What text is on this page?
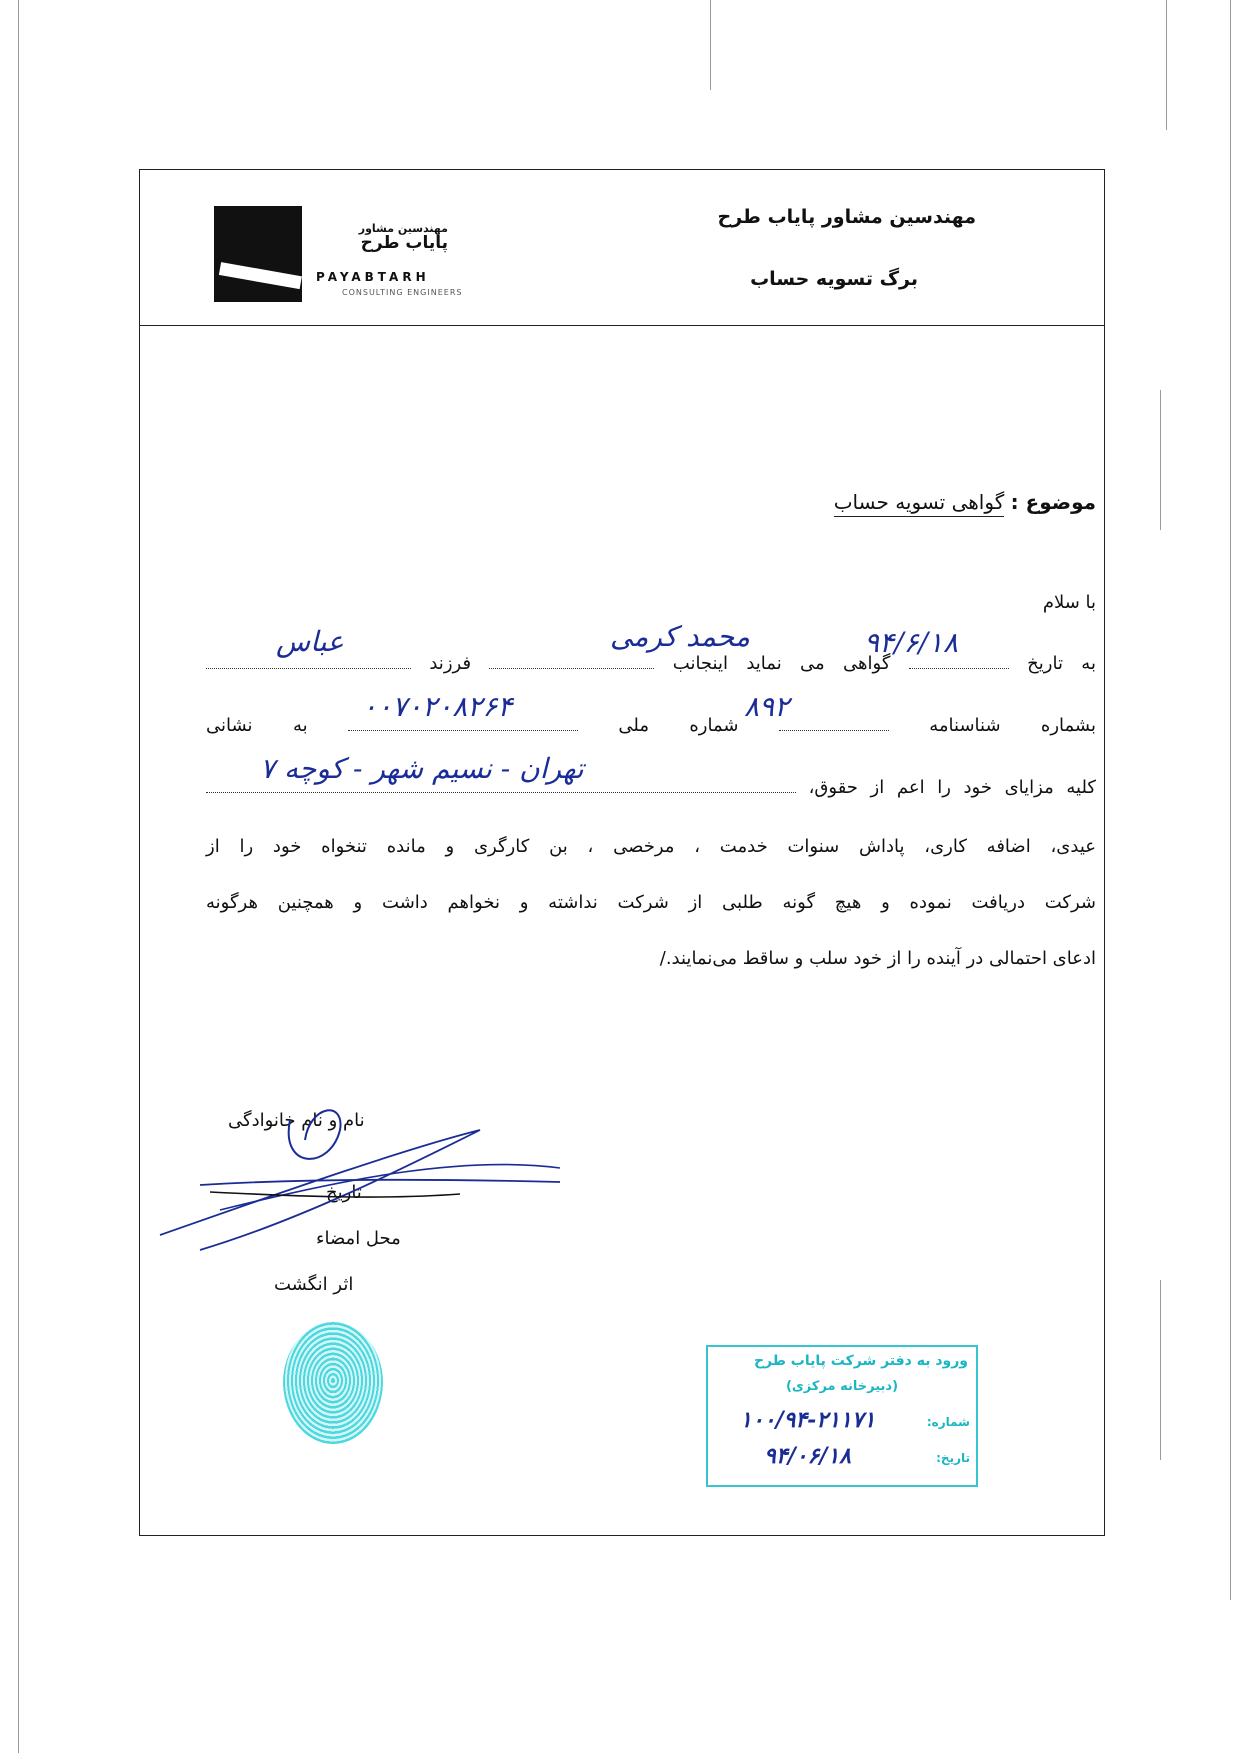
مهندسین مشاور
پایاب طرح
PAYABTARH
CONSULTING ENGINEERS
مهندسین مشاور پایاب طرح
برگ تسویه حساب
موضوع : گواهی تسویه حساب
با سلام
به تاریخ  گواهی می نماید اینجانب  فرزند
بشماره شناسنامه  شماره ملی  به نشانی
کلیه مزایای خود را اعم از حقوق،
عیدی، اضافه کاری، پاداش سنوات خدمت ، مرخصی ، بن کارگری و مانده تنخواه خود را از
شرکت دریافت نموده و هیچ گونه طلبی از شرکت نداشته و نخواهم داشت و همچنین هرگونه
ادعای احتمالی در آینده را از خود سلب و ساقط می‌نمایند./
۹۴/۶/۱۸
محمد کرمی
عباس
۸۹۲
۰۰۷۰۲۰۸۲۶۴
تهران - نسیم شهر - کوچه ۷
نام و نام خانوادگی
تاریخ
محل امضاء
اثر انگشت
ورود به دفتر شرکت پایاب طرح
(دبیرخانه مرکزی)
شماره:
۱۰۰/۹۴-۲۱۱۷۱
تاریخ:
۹۴/۰۶/۱۸
